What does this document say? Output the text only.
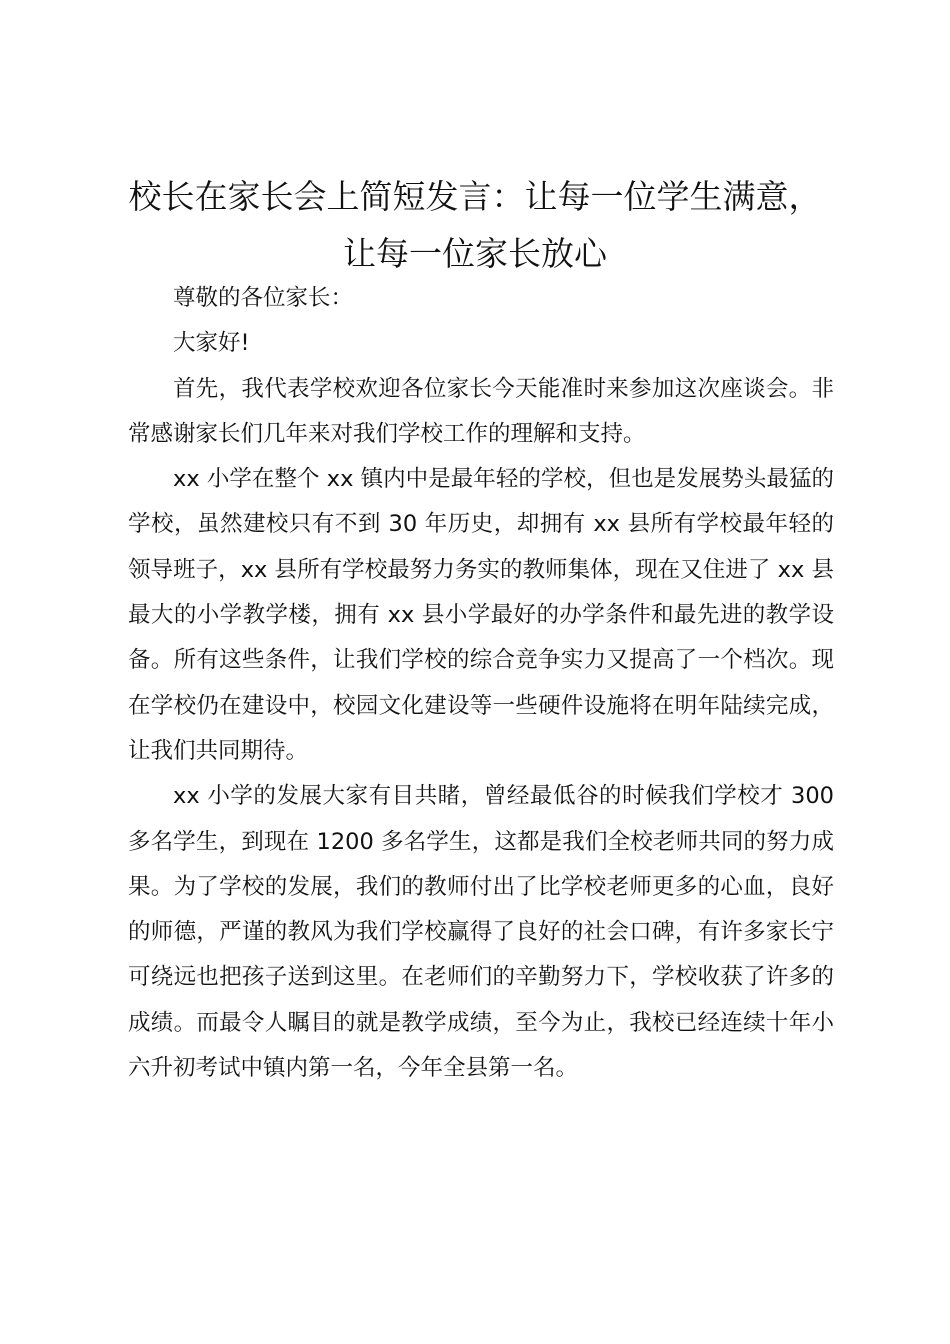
校长在家长会上简短发言：让每一位学生满意，
让每一位家长放心

尊敬的各位家长：

大家好!

首先，我代表学校欢迎各位家长今天能准时来参加这次座谈会。非常感谢家长们几年来对我们学校工作的理解和支持。

xx 小学在整个 xx 镇内中是最年轻的学校，但也是发展势头最猛的学校，虽然建校只有不到 30 年历史，却拥有 xx 县所有学校最年轻的领导班子，xx 县所有学校最努力务实的教师集体，现在又住进了 xx 县最大的小学教学楼，拥有 xx 县小学最好的办学条件和最先进的教学设备。所有这些条件，让我们学校的综合竞争实力又提高了一个档次。现在学校仍在建设中，校园文化建设等一些硬件设施将在明年陆续完成，让我们共同期待。

xx 小学的发展大家有目共睹，曾经最低谷的时候我们学校才 300 多名学生，到现在 1200 多名学生，这都是我们全校老师共同的努力成果。为了学校的发展，我们的教师付出了比学校老师更多的心血，良好的师德，严谨的教风为我们学校赢得了良好的社会口碑，有许多家长宁可绕远也把孩子送到这里。在老师们的辛勤努力下，学校收获了许多的成绩。而最令人瞩目的就是教学成绩，至今为止，我校已经连续十年小六升初考试中镇内第一名，今年全县第一名。
